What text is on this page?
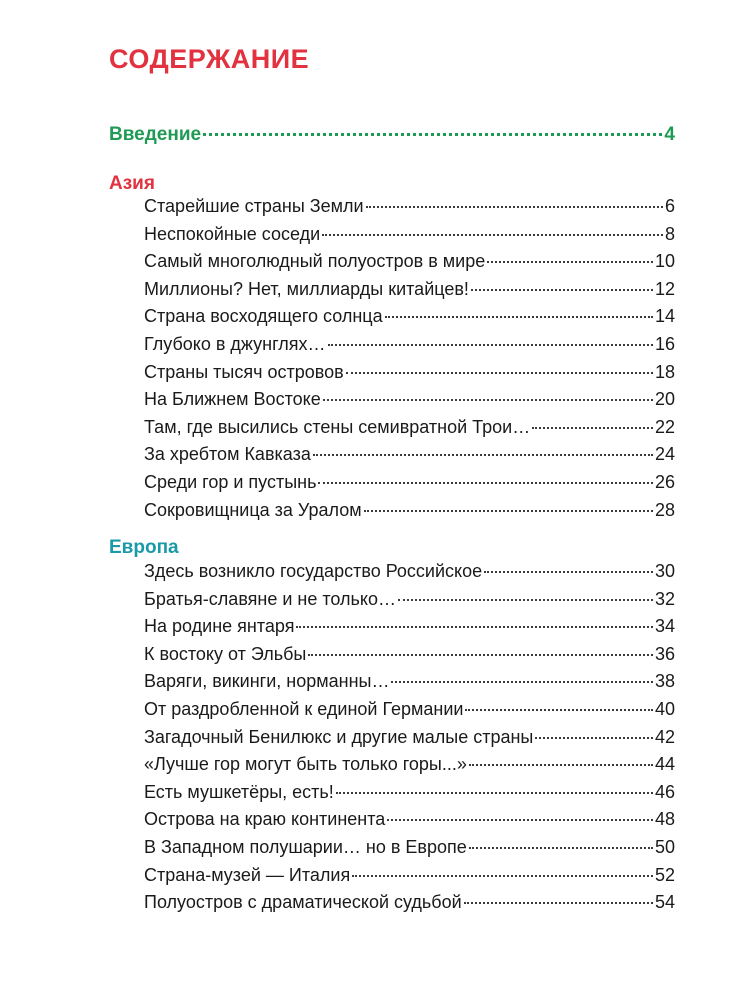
СОДЕРЖАНИЕ
Введение	4
Азия
Старейшие страны Земли	6
Неспокойные соседи	8
Самый многолюдный полуостров в мире	10
Миллионы? Нет, миллиарды китайцев!	12
Страна восходящего солнца	14
Глубоко в джунглях…	16
Страны тысяч островов	18
На Ближнем Востоке	20
Там, где высились стены семивратной Трои…	22
За хребтом Кавказа	24
Среди гор и пустынь	26
Сокровищница за Уралом	28
Европа
Здесь возникло государство Российское	30
Братья-славяне и не только…	32
На родине янтаря	34
К востоку от Эльбы	36
Варяги, викинги, норманны…	38
От раздробленной к единой Германии	40
Загадочный Бенилюкс и другие малые страны	42
«Лучше гор могут быть только горы...»	44
Есть мушкетёры, есть!	46
Острова на краю континента	48
В Западном полушарии… но в Европе	50
Страна-музей — Италия	52
Полуостров с драматической судьбой	54
